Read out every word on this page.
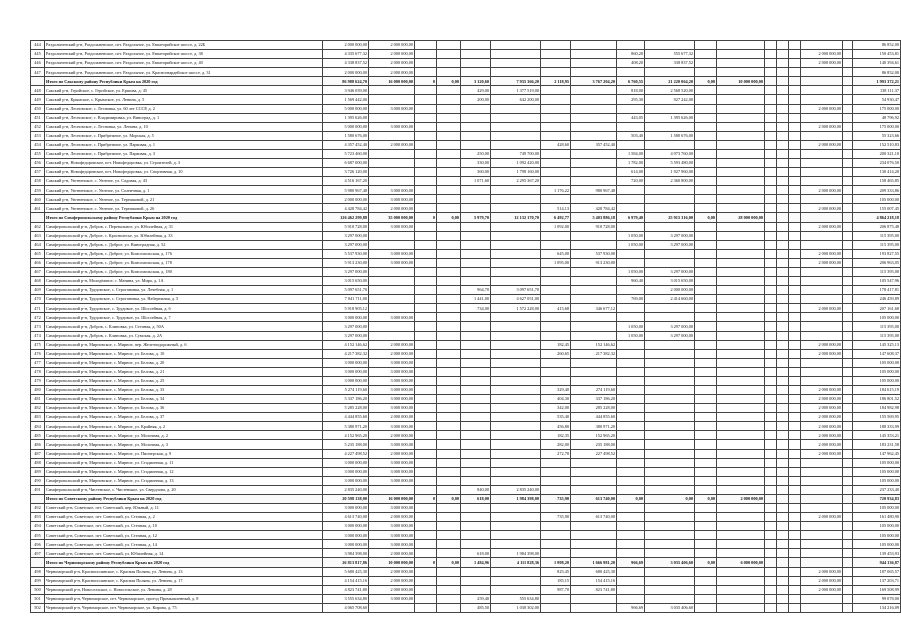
444	Раздольненский р-н, Раздольненское, пгт. Раздольное, ул. Евпаторийское шоссе, д. 22Б	2 000 000,00	2 000 000,00																86 852,00
445	Раздольненский р-н, Раздольненское, пгт. Раздольное, ул. Евпаторийское шоссе, д. 38	4 335 677,32	2 000 000,00							860,20	555 677,32						2 000 000,00		150 453,81
446	Раздольненский р-н, Раздольненское, пгт. Раздольное, ул. Евпаторийское шоссе, д. 40	4 338 837,52	2 000 000,00							408,20	338 837,52						2 000 000,00		140 394,61
447	Раздольненский р-н, Раздольненское, пгт. Раздольное, ул. Красногвардейское шоссе, д. 31	2 000 000,00	2 000 000,00																86 852,00
	Итого по Сакскому району Республики Крым на 2020 год	86 988 624,70	16 000 000,00	0	0,00	3 120,60	7 935 366,20	2 118,95	3 767 204,20	6 760,55	21 220 064,20	0,00	10 000 000,00						1 993 372,21
448	Сакский р-н, Геройское, с. Геройское, ул. Ершова, д. 45	3 946 039,00				429,00	1 377 519,00			818,00	2 568 520,00								138 111,37
449	Сакский р-н, Крымское, с. Крымское, ул. Ленина, д. 5	1 569 442,00				200,00	642 200,00			295,30	927 242,00								54 930,47
450	Сакский р-н, Лесновское, с. Лесновка, ул. 60 лет СССР, д. 2	5 000 000,00	3 000 000,00														2 000 000,00		175 000,00
451	Сакский р-н, Лесновское, с. Владимировка, ул. Виноград, д. 1	1 395 626,00								443,05	1 395 626,00								48 796,92
452	Сакский р-н, Лесновское, с. Лесновка, ул. Ленина, д. 10	5 000 000,00	3 000 000,00														2 000 000,00		175 000,00
453	Сакский р-н, Лесновское, с. Прибрежное, ул. Морская, д. 5	1 580 676,00								503,40	1 580 676,00								55 323,66
454	Сакский р-н, Лесновское, с. Прибрежное, ул. Парковая, д. 1	4 357 452,40	2 000 000,00					428,60	357 452,40								2 000 000,00		152 510,83
455	Сакский р-н, Лесновское, с. Прибрежное, ул. Парковая, д. 3	5 723 460,00				250,00	749 700,00			1 584,00	4 973 760,00								200 321,10
456	Сакский р-н, Новофедоровское, пгт. Новофедоровка, ул. Строителей, д. 3	6 687 000,00				330,00	1 092 420,00			1 782,00	5 593 480,00								234 076,50
457	Сакский р-н, Новофедоровское, пгт. Новофедоровка, ул. Спортивная, д. 10	3 726 120,00				360,00	1 798 160,00			614,00	1 927 960,00								130 414,20
458	Сакский р-н, Уютненское, с. Уютное, ул. Садовая, д. 43	4 516 167,20				1 071,60	2 295 367,20			720,00	2 360 800,00								158 465,85
459	Сакский р-н, Уютненское, с. Уютное, ул. Солнечная, д. 1	5 980 967,48	3 000 000,00					1 176,22	980 967,48								2 000 000,00		209 333,86
460	Сакский р-н, Уютненское, с. Уютное, ул. Терешковой, д. 21	2 000 000,00	3 000 000,00																105 000,00
461	Сакский р-н, Уютненское, с. Уютное, ул. Терешковой, д. 26	4 428 784,42	2 000 000,00					514,13	428 784,42								2 000 000,00		155 007,45
	Итого по Симферопольскому району Республики Крым на 2020 год	126 462 299,88	35 000 000,00	0	0,00	5 979,70	12 132 170,70	6 492,77	5 403 886,18	6 979,40	25 915 316,00	0,00	28 000 000,00						4 864 218,18
462	Симферопольский р-н, Добров, с. Перевальное, ул. Юбилейная, д. 31	5 910 728,00	3 000 000,00					1 092,00	910 728,00								2 000 000,00		206 875,48
463	Симферопольский р-н, Доброе, с. Краснолесье, ул. Юбилейная, д. 33	3 297 000,00								1 050,00	3 297 000,00								115 395,00
464	Симферопольский р-н, Добров, с. Доброе, ул. Виноградная, д. 52	3 297 000,00								1 050,00	3 297 000,00								115 395,00
465	Симферопольский р-н, Добров, с. Доброе, ул. Комсомольская, д. 176	5 537 930,00	3 000 000,00					645,00	537 930,00								2 000 000,00		193 827,55
466	Симферопольский р-н, Добров, с. Доброе, ул. Комсомольская, д. 178	5 913 230,00	3 000 000,00					1 095,00	913 230,00								2 000 000,00		206 963,05
467	Симферопольский р-н, Добров, с. Доброе, ул. Комсомольская, д. 180	3 297 000,00								1 050,00	3 297 000,00								115 395,00
468	Симферопольский р-н, Молодёжное, с. Манина, ул. Мира, д. 1А	3 015 650,00								960,40	3 015 650,00								105 547,96
469	Симферопольский р-н, Трудовское, с. Строгановка, ул. Лечебная, д. 1	5 097 651,70				964,70	3 097 651,70				2 000 000,00								178 417,81
470	Симферопольский р-н, Трудовское, с. Строгановка, ул. Набережная, д. 5	7 041 711,00				1 441,00	4 627 051,00			769,00	2 414 660,00								246 459,89
471	Симферопольский р-н, Трудовское, с. Трудовое, ул. Шоссейная, д. 6	5 918 905,12				734,00	1 572 228,00	415,68	346 677,12								2 000 000,00		207 161,68
472	Симферопольский р-н, Трудовское, с. Трудовое, ул. Шоссейная, д. 7	3 000 000,00	3 000 000,00																105 000,00
473	Симферопольский р-н, Добров, с. Клиновка, ул. Степная, д. 50А	3 297 000,00								1 050,00	3 297 000,00								115 395,00
474	Симферопольский р-н, Добров, с. Клиновка, ул. Сумская, д. 2А	3 297 000,00								1 050,00	3 297 000,00								115 395,00
475	Симферопольский р-н, Мирновское, с. Мирное, пер. Железнодорожный, д. 6	4 152 146,62	2 000 000,00					182,45	152 146,62								2 000 000,00		145 325,13
476	Симферопольский р-н, Мирновское, с. Мирное, ул. Белова, д. 10	4 217 382,32	2 000 000,00					260,65	217 382,32								2 000 000,00		147 608,37
477	Симферопольский р-н, Мирновское, с. Мирное, ул. Белова, д. 20	3 000 000,00	3 000 000,00																105 000,00
478	Симферопольский р-н, Мирновское, с. Мирное, ул. Белова, д. 21	3 000 000,00	3 000 000,00																105 000,00
479	Симферопольский р-н, Мирновское, с. Мирное, ул. Белова, д. 25	3 000 000,00	3 000 000,00																105 000,00
480	Симферопольский р-н, Мирновское, с. Мирное, ул. Белова, д. 33	5 274 119,60	3 000 000,00					329,40	274 119,60								2 000 000,00		184 615,19
481	Симферопольский р-н, Мирновское, с. Мирное, ул. Белова, д. 34	5 337 186,20	3 000 000,00					404,30	337 186,20								2 000 000,00		186 801,52
482	Симферопольский р-н, Мирновское, с. Мирное, ул. Белова, д. 36	5 285 228,00	3 000 000,00					342,00	285 228,00								2 000 000,00		184 982,98
483	Симферопольский р-н, Мирновское, с. Мирное, ул. Белова, д. 37	4 444 855,60	2 000 000,00					535,40	444 855,60								2 000 000,00		155 569,95
484	Симферопольский р-н, Мирновское, с. Мирное, ул. Крайняя, д. 2	5 380 971,20	3 000 000,00					456,80	380 971,20								2 000 000,00		188 333,99
485	Симферопольский р-н, Мирновское, с. Мирное, ул. Молочная, д. 2	4 152 965,20	2 000 000,00					182,35	152 965,20								2 000 000,00		145 353,21
486	Симферопольский р-н, Мирновское, с. Мирное, ул. Молочная, д. 3	5 235 188,00	3 000 000,00					282,00	235 188,00								2 000 000,00		183 231,58
487	Симферопольский р-н, Мирновское, с. Мирное, ул. Пионерская, д. 9	4 227 498,52	2 000 000,00					272,78	227 498,52								2 000 000,00		147 962,45
488	Симферопольский р-н, Мирновское, с. Мирное, ул. Стадионная, д. 11	3 000 000,00	3 000 000,00																105 000,00
489	Симферопольский р-н, Мирновское, с. Мирное, ул. Стадионная, д. 12	3 000 000,00	3 000 000,00																105 000,00
490	Симферопольский р-н, Мирновское, с. Мирное, ул. Стадионная, д. 13	3 000 000,00	3 000 000,00																105 000,00
491	Симферопольский р-н, Чистенское, с. Чистенькое, ул. Свердлова, д. 20	2 835 240,00				840,00	2 835 240,00												237 233,40
	Итого по Советскому району Республики Крым на 2020 год	20 598 138,00	16 000 000,00	0	0,00	618,00	1 984 398,00	735,90	613 740,00	0,00	0,00	0,00	2 000 000,00						720 934,83
492	Советский р-н, Советское, пгт. Советский, пер. Южный, д. 11	3 000 000,00	3 000 000,00																105 000,00
493	Советский р-н, Советское, пгт. Советский, ул. Степная, д. 2	4 613 740,00	2 000 000,00					735,90	613 740,00								2 000 000,00		161 480,90
494	Советский р-н, Советское, пгт. Советский, ул. Степная, д. 10	3 000 000,00	3 000 000,00																105 000,00
495	Советский р-н, Советское, пгт. Советский, ул. Степная, д. 12	3 000 000,00	3 000 000,00																105 000,00
496	Советский р-н, Советское, пгт. Советский, ул. Степная, д. 14	3 000 000,00	3 000 000,00																105 000,00
497	Советский р-н, Советское, пгт. Советский, ул. Юбилейная, д. 14	3 984 398,00	2 000 000,00			618,00	1 984 398,00												139 453,93
	Итого по Черноморскому району Республики Крым на 2020 год	26 813 817,86	10 000 000,00	0	0,00	1 484,96	4 111 828,36	1 998,20	1 666 981,20	966,69	3 035 406,60	0,00	6 000 000,00						944 136,87
498	Черноморский р-н, Краснополянское, с. Красная Поляна, ул. Ленина, д. 13	5 680 425,30	2 000 000,00					825,45	680 425,30								2 000 000,00		187 065,57
499	Черноморский р-н, Краснополянское, с. Красная Поляна, ул. Ленина, д. 17	4 154 415,16	2 000 000,00					185,15	154 415,16								2 000 000,00		137 203,71
500	Черноморский р-н, Новосельское, с. Новосельское, ул. Ленина, д. 28	4 823 741,80	2 000 000,00					987,70	823 741,80								2 000 000,00		169 508,99
501	Черноморский р-н, Черноморское, пгт. Черноморское, проезд Промышленный, д. 8	3 555 634,80	3 000 000,00			259,40	555 634,80												99 078,00
502	Черноморский р-н, Черноморское, пгт. Черноморское, ул. Кирова, д. 75	4 065 708,60				485,50	1 030 302,00			966,69	3 035 406,60								134 216,09
